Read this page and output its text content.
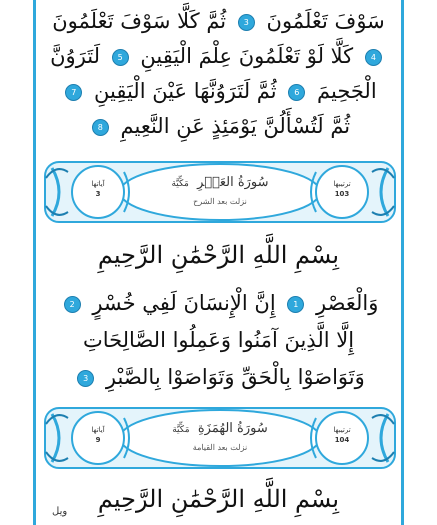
سَوْفَ تَعْلَمُونَ 3 ثُمَّ كَلَّا سَوْفَ تَعْلَمُونَ
4 كَلَّا لَوْ تَعْلَمُونَ عِلْمَ الْيَقِينِ 5 لَتَرَوُنَّ
الْجَحِيمَ 6 ثُمَّ لَتَرَوُنَّهَا عَيْنَ الْيَقِينِ 7
ثُمَّ لَتُسْأَلُنَّ يَوْمَئِذٍ عَنِ النَّعِيمِ 8
سُورَةُ العَصۡرِ  مَكِّيَّة
نزلت بعد الشرح
آياتها
3
ترتيبها
103
بِسْمِ اللَّهِ الرَّحْمَٰنِ الرَّحِيمِ
وَالْعَصْرِ 1 إِنَّ الْإِنسَانَ لَفِي خُسْرٍ 2
إِلَّا الَّذِينَ آمَنُوا وَعَمِلُوا الصَّالِحَاتِ
وَتَوَاصَوْا بِالْحَقِّ وَتَوَاصَوْا بِالصَّبْرِ 3
سُورَةُ الهُمَزَةِ  مَكِّيَّة
نزلت بعد القيامة
آياتها
9
ترتيبها
104
بِسْمِ اللَّهِ الرَّحْمَٰنِ الرَّحِيمِ
ويل
